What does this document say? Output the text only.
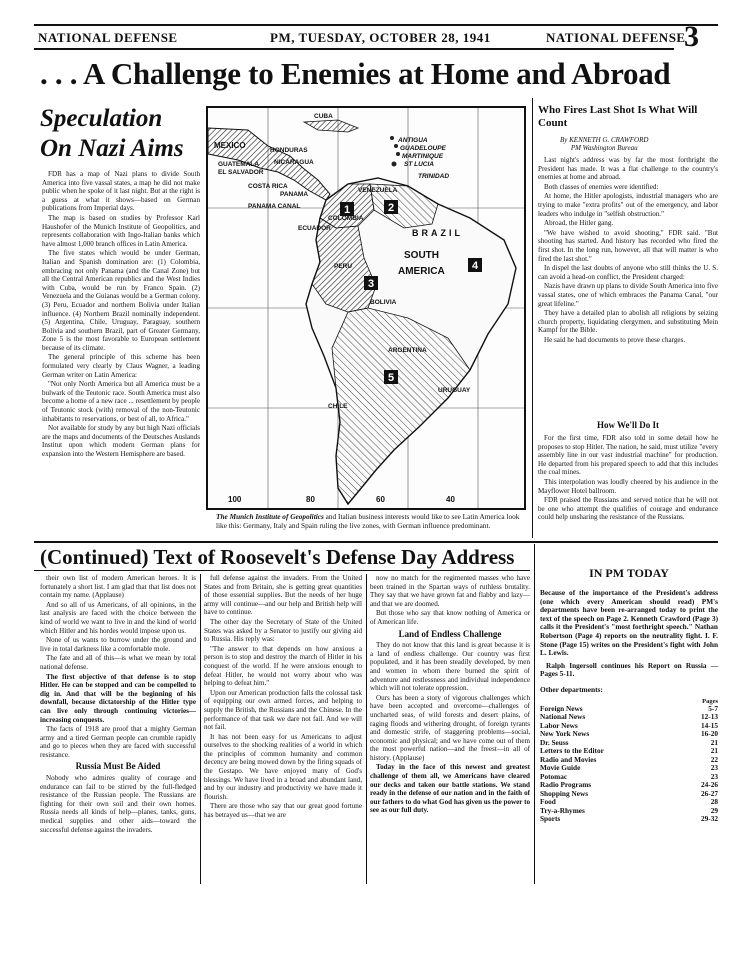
NATIONAL DEFENSE	PM, TUESDAY, OCTOBER 28, 1941	NATIONAL DEFENSE
3
. . . A Challenge to Enemies at Home and Abroad
Speculation
On Nazi Aims

FDR has a map of Nazi plans to divide South America into five vassal states, a map he did not make public when he spoke of it last night. But at the right is a guess at what it shows—based on German publications from Imperial days.

The map is based on studies by Professor Karl Haushofer of the Munich Institute of Geopolitics, and represents collaboration with Ingo-Italian banks which have almost 1,000 branch offices in Latin America.

The five states which would be under German, Italian and Spanish domination are: (1) Colombia, embracing not only Panama (and the Canal Zone) but all the Central American republics and the West Indies with Cuba, would be run by Franco Spain. (2) Venezuela and the Guianas would be a German colony. (3) Peru, Ecuador and northern Bolivia under Italian influence. (4) Northern Brazil nominally independent. (5) Argentina, Chile, Uruguay, Paraguay, southern Bolivia and southern Brazil, part of Greater Germany, Zone 5 is the most favorable to European settlement because of its climate.

The general principle of this scheme has been formulated very clearly by Claus Wagner, a leading German writer on Latin America:

"Not only North America but all America must be a bulwark of the Teutonic race. South America must also become a home of a new race ... resettlement by people of Teutonic stock (with) removal of the non-Teutonic inhabitants to reservations, or best of all, to Africa."

Not available for study by any but high Nazi officials are the maps and documents of the Deutsches Auslands Institut upon which modern German plans for expansion into the Western Hemisphere are based.

1	2
3
4
5
CUBA
MEXICO
HONDURAS
GUATEMALA
EL SALVADOR
NICARAGUA
COSTA RICA
PANAMA
PANAMA CANAL
ANTIGUA
GUADELOUPE
MARTINIQUE
ST LUCIA
TRINIDAD
VENEZUELA
COLOMBIA
ECUADOR	BRAZIL
SOUTH
AMERICA
PERU
BOLIVIA
URUGUAY
CHILE
ARGENTINA
100	80	60	40
The Munich Institute of Geopolitics and Italian business interests would like to see Latin America look like this: Germany, Italy and Spain ruling the live zones, with German influence predominant.
Who Fires Last Shot Is What Will Count
By KENNETH G. CRAWFORD
PM Washington Bureau

Last night's address was by far the most forthright the President has made. It was a flat challenge to the country's enemies at home and abroad.

Both classes of enemies were identified:

At home, the Hitler apologists, industrial managers who are trying to make "extra profits" out of the emergency, and labor leaders who indulge in "selfish obstruction."

Abroad, the Hitler gang.

"We have wished to avoid shooting," FDR said. "But shooting has started. And history has recorded who fired the first shot. In the long run, however, all that will matter is who fired the last shot."

In dispel the last doubts of anyone who still thinks the U. S. can avoid a head-on conflict, the President charged:

Nazis have drawn up plans to divide South America into five vassal states, one of which embraces the Panama Canal, "our great lifeline."

They have a detailed plan to abolish all religions by seizing church property, liquidating clergymen, and substituting Mein Kampf for the Bible.

He said he had documents to prove these charges.

How We'll Do It

For the first time, FDR also told in some detail how he proposes to stop Hitler. The nation, he said, must utilize "every assembly line in our vast industrial machine" for production. He departed from his prepared speech to add that this includes the coal mines.

This interpolation was loudly cheered by his audience in the Mayflower Hotel ballroom.

FDR praised the Russians and served notice that he will not be one who attempt the qualifies of courage and endurance could help unsharing the resistance of the Russians.

(Continued) Text of Roosevelt's Defense Day Address

their own list of modern American heroes. It is fortunately a short list. I am glad that that list does not contain my name. (Applause)

And so all of us Americans, of all opinions, in the last analysis are faced with the choice between the kind of world we want to live in and the kind of world which Hitler and his hordes would impose upon us.

None of us wants to burrow under the ground and live in total darkness like a comfortable mole.

The fate and all of this—is what we mean by total national defense.

The first objective of that defense is to stop Hitler. He can be stopped and can be compelled to dig in. And that will be the beginning of his downfall, because dictatorship of the Hitler type can live only through continuing victories—increasing conquests.

The facts of 1918 are proof that a mighty German army and a tired German people can crumble rapidly and go to pieces when they are faced with successful resistance.

Russia Must Be Aided

Nobody who admires quality of courage and endurance can fail to be stirred by the full-fledged resistance of the Russian people. The Russians are fighting for their own soil and their own homes. Russia needs all kinds of help—planes, tanks, guns, medical supplies and other aids—toward the successful defense against the invaders.

full defense against the invaders. From the United States and from Britain, she is getting great quantities of those essential supplies. But the needs of her huge army will continue—and our help and British help will have to continue.

The other day the Secretary of State of the United States was asked by a Senator to justify our giving aid to Russia. His reply was:

"The answer to that depends on how anxious a person is to stop and destroy the march of Hitler in his conquest of the world. If he were anxious enough to defeat Hitler, he would not worry about who was helping to defeat him."

Upon our American production falls the colossal task of equipping our own armed forces, and helping to supply the British, the Russians and the Chinese. In the performance of that task we dare not fail. And we will not fail.

It has not been easy for us Americans to adjust ourselves to the shocking realities of a world in which the principles of common humanity and common decency are being mowed down by the firing squads of the Gestapo. We have enjoyed many of God's blessings. We have lived in a broad and abundant land, and by our industry and productivity we have made it flourish.

There are those who say that our great good fortune has betrayed us—that we are

now no match for the regimented masses who have been trained in the Spartan ways of ruthless brutality. They say that we have grown fat and flabby and lazy—and that we are doomed.

But those who say that know nothing of America or of American life.

Land of Endless Challenge

They do not know that this land is great because it is a land of endless challenge. Our country was first populated, and it has been steadily developed, by men and women in whom there burned the spirit of adventure and restlessness and individual independence which will not tolerate oppression.

Ours has been a story of vigorous challenges which have been accepted and overcome—challenges of uncharted seas, of wild forests and desert plains, of raging floods and withering drought, of foreign tyrants and domestic strife, of staggering problems—social, economic and physical; and we have come out of them the most powerful nation—and the freest—in all of history. (Applause)

Today in the face of this newest and greatest challenge of them all, we Americans have cleared our decks and taken our battle stations. We stand ready in the defense of our nation and in the faith of our fathers to do what God has given us the power to see as our full duty.

IN PM TODAY
Because of the importance of the President's address (one which every American should read) PM's departments have been re-arranged today to print the text of the speech on Page 2. Kenneth Crawford (Page 3) calls it the President's "most forthright speech." Nathan Robertson (Page 4) reports on the neutrality fight. I. F. Stone (Page 15) writes on the President's fight with John L. Lewis.
Ralph Ingersoll continues his Report on Russia — Pages 5-11.
Other departments:
Pages
Foreign News	5-7
National News	12-13
Labor News	14-15
New York News	16-20
Dr. Seuss	21
Letters to the Editor	21
Radio and Movies	22
Movie Guide	23
Potomac	23
Radio Programs	24-26
Shopping News	26-27
Food	28
Try-a-Rhymes	29
Sports	29-32
